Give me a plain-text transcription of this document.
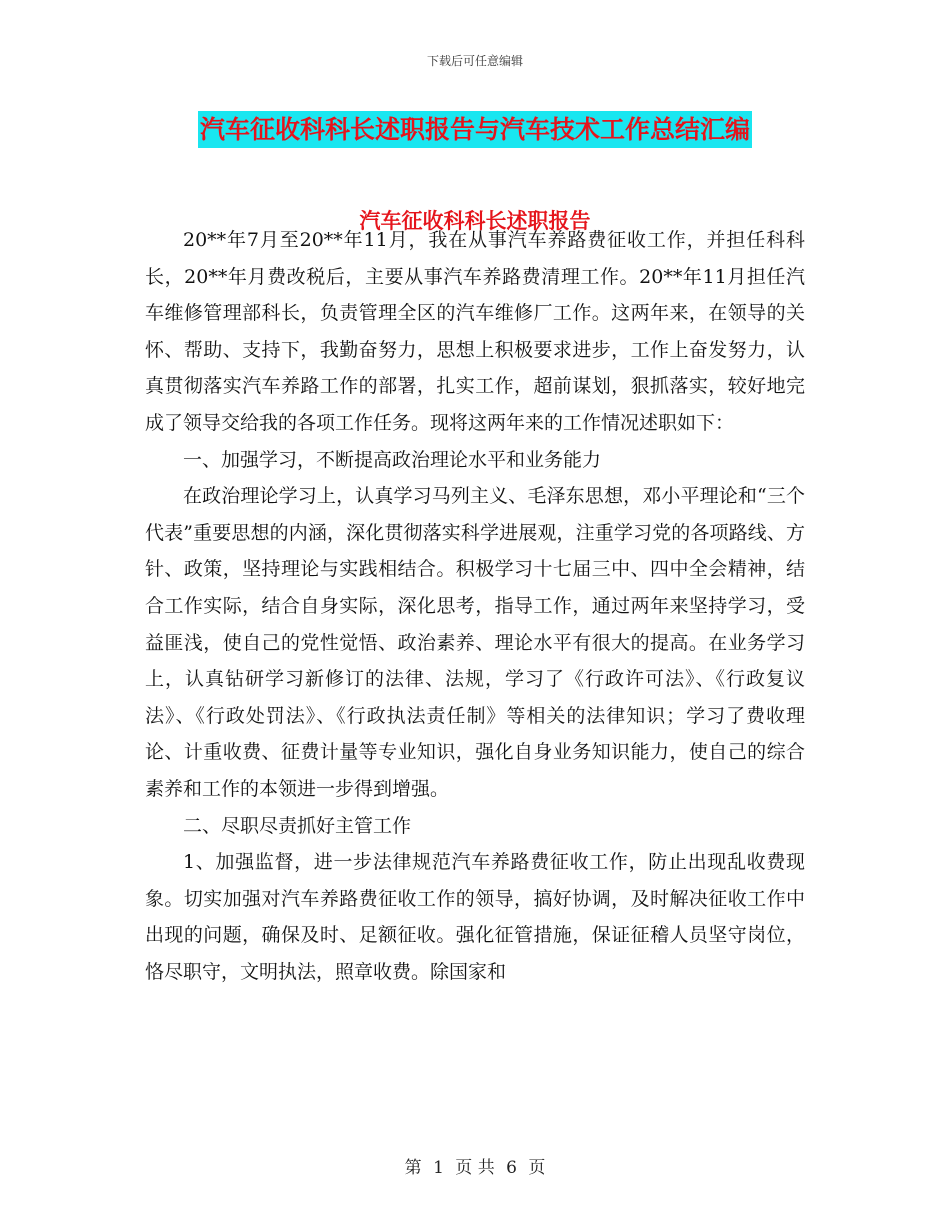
下载后可任意编辑
汽车征收科科长述职报告与汽车技术工作总结汇编
汽车征收科科长述职报告

20**年7月至20**年11月，我在从事汽车养路费征收工作，并担任科科长，20**年月费改税后，主要从事汽车养路费清理工作。20**年11月担任汽车维修管理部科长，负责管理全区的汽车维修厂工作。这两年来，在领导的关怀、帮助、支持下，我勤奋努力，思想上积极要求进步，工作上奋发努力，认真贯彻落实汽车养路工作的部署，扎实工作，超前谋划，狠抓落实，较好地完成了领导交给我的各项工作任务。现将这两年来的工作情况述职如下：

一、加强学习，不断提高政治理论水平和业务能力

在政治理论学习上，认真学习马列主义、毛泽东思想，邓小平理论和“三个代表”重要思想的内涵，深化贯彻落实科学进展观，注重学习党的各项路线、方针、政策，坚持理论与实践相结合。积极学习十七届三中、四中全会精神，结合工作实际，结合自身实际，深化思考，指导工作，通过两年来坚持学习，受益匪浅，使自己的党性觉悟、政治素养、理论水平有很大的提高。在业务学习上，认真钻研学习新修订的法律、法规，学习了《行政许可法》、《行政复议法》、《行政处罚法》、《行政执法责任制》等相关的法律知识；学习了费收理论、计重收费、征费计量等专业知识，强化自身业务知识能力，使自己的综合素养和工作的本领进一步得到增强。

二、尽职尽责抓好主管工作

1、加强监督，进一步法律规范汽车养路费征收工作，防止出现乱收费现象。切实加强对汽车养路费征收工作的领导，搞好协调，及时解决征收工作中出现的问题，确保及时、足额征收。强化征管措施，保证征稽人员坚守岗位，恪尽职守，文明执法，照章收费。除国家和

第 1 页 共 6 页
